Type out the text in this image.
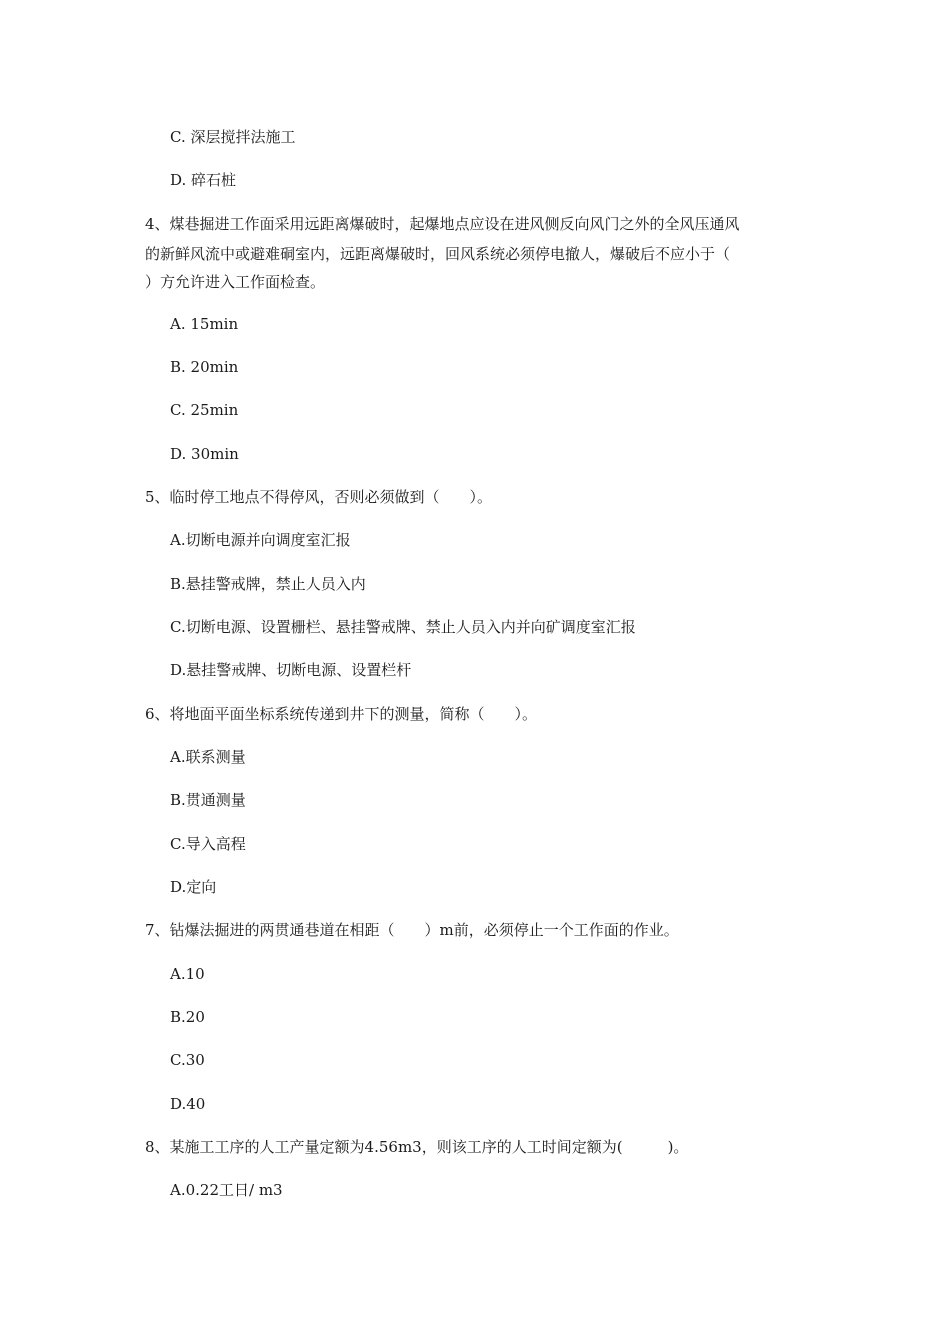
C. 深层搅拌法施工
D. 碎石桩
4、煤巷掘进工作面采用远距离爆破时，起爆地点应设在进风侧反向风门之外的全风压通风
的新鲜风流中或避难硐室内，远距离爆破时，回风系统必须停电撤人，爆破后不应小于（
）方允许进入工作面检查。
A. 15min
B. 20min
C. 25min
D. 30min
5、临时停工地点不得停风，否则必须做到（　　）。
A.切断电源并向调度室汇报
B.悬挂警戒牌，禁止人员入内
C.切断电源、设置栅栏、悬挂警戒牌、禁止人员入内并向矿调度室汇报
D.悬挂警戒牌、切断电源、设置栏杆
6、将地面平面坐标系统传递到井下的测量，简称（　　）。
A.联系测量
B.贯通测量
C.导入高程
D.定向
7、钻爆法掘进的两贯通巷道在相距（　　）m前，必须停止一个工作面的作业。
A.10
B.20
C.30
D.40
8、某施工工序的人工产量定额为4.56m3，则该工序的人工时间定额为(　　　)。
A.0.22工日/ m3
